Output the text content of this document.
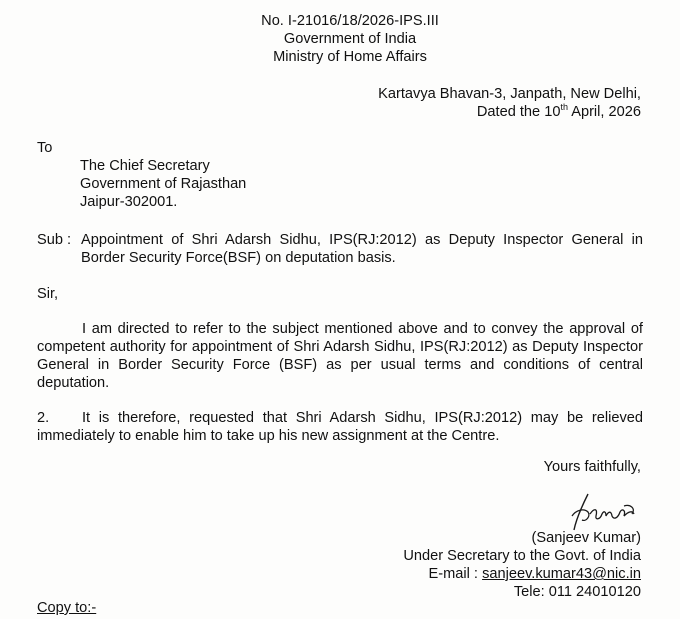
No. I-21016/18/2026-IPS.III
Government of India
Ministry of Home Affairs
Kartavya Bhavan-3, Janpath, New Delhi,
Dated the 10th April, 2026
To
The Chief Secretary
Government of Rajasthan
Jaipur-302001.
Sub : Appointment of Shri Adarsh Sidhu, IPS(RJ:2012) as Deputy Inspector General in Border Security Force(BSF) on deputation basis.
Sir,
I am directed to refer to the subject mentioned above and to convey the approval of competent authority for appointment of Shri Adarsh Sidhu, IPS(RJ:2012) as Deputy Inspector General in Border Security Force (BSF) as per usual terms and conditions of central deputation.
2.	It is therefore, requested that Shri Adarsh Sidhu, IPS(RJ:2012) may be relieved immediately to enable him to take up his new assignment at the Centre.
Yours faithfully,
(Sanjeev Kumar)
Under Secretary to the Govt. of India
E-mail : sanjeev.kumar43@nic.in
Tele: 011 24010120
Copy to:-
